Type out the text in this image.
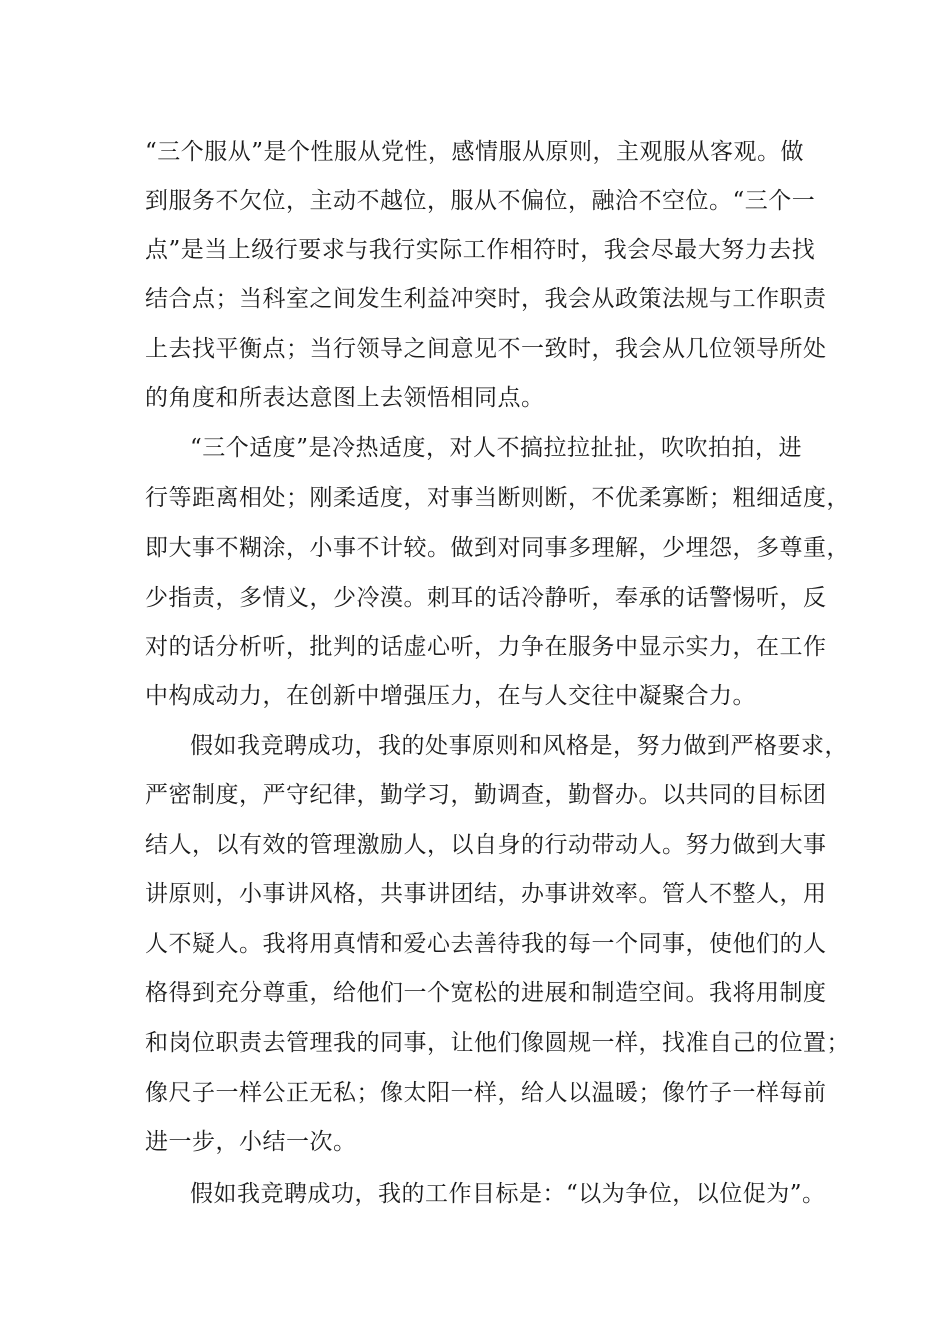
“三个服从”是个性服从党性，感情服从原则，主观服从客观。做
到服务不欠位，主动不越位，服从不偏位，融洽不空位。“三个一
点”是当上级行要求与我行实际工作相符时，我会尽最大努力去找
结合点；当科室之间发生利益冲突时，我会从政策法规与工作职责
上去找平衡点；当行领导之间意见不一致时，我会从几位领导所处
的角度和所表达意图上去领悟相同点。
“三个适度”是冷热适度，对人不搞拉拉扯扯，吹吹拍拍，进
行等距离相处；刚柔适度，对事当断则断，不优柔寡断；粗细适度，
即大事不糊涂，小事不计较。做到对同事多理解，少埋怨，多尊重，
少指责，多情义，少冷漠。刺耳的话冷静听，奉承的话警惕听，反
对的话分析听，批判的话虚心听，力争在服务中显示实力，在工作
中构成动力，在创新中增强压力，在与人交往中凝聚合力。
假如我竞聘成功，我的处事原则和风格是，努力做到严格要求，
严密制度，严守纪律，勤学习，勤调查，勤督办。以共同的目标团
结人，以有效的管理激励人，以自身的行动带动人。努力做到大事
讲原则，小事讲风格，共事讲团结，办事讲效率。管人不整人，用
人不疑人。我将用真情和爱心去善待我的每一个同事，使他们的人
格得到充分尊重，给他们一个宽松的进展和制造空间。我将用制度
和岗位职责去管理我的同事，让他们像圆规一样，找准自己的位置；
像尺子一样公正无私；像太阳一样，给人以温暖；像竹子一样每前
进一步，小结一次。
假如我竞聘成功，我的工作目标是：“以为争位，以位促为”。
